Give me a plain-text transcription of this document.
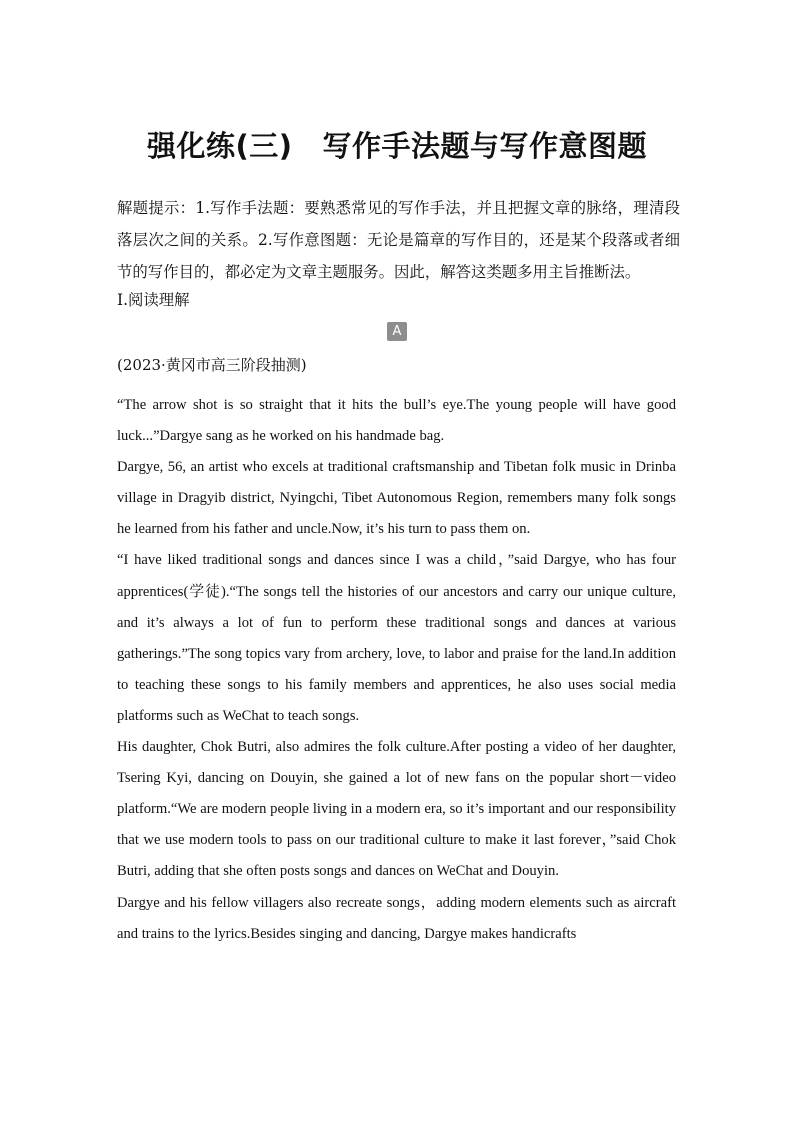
强化练(三) 写作手法题与写作意图题

解题提示：1.写作手法题：要熟悉常见的写作手法，并且把握文章的脉络，理清段落层次之间的关系。2.写作意图题：无论是篇章的写作目的，还是某个段落或者细节的写作目的，都必定为文章主题服务。因此，解答这类题多用主旨推断法。

Ⅰ.阅读理解

A

(2023·黄冈市高三阶段抽测)

“The arrow shot is so straight that it hits the bull’s eye.The young people will have good luck...”Dargye sang as he worked on his handmade bag.

Dargye, 56, an artist who excels at traditional craftsmanship and Tibetan folk music in Drinba village in Dragyib district, Nyingchi, Tibet Autonomous Region, remembers many folk songs he learned from his father and uncle.Now, it’s his turn to pass them on.

“I have liked traditional songs and dances since I was a child，”said Dargye, who has four apprentices(学徒).“The songs tell the histories of our ancestors and carry our unique culture, and it’s always a lot of fun to perform these traditional songs and dances at various gatherings.”The song topics vary from archery, love, to labor and praise for the land.In addition to teaching these songs to his family members and apprentices, he also uses social media platforms such as WeChat to teach songs.

His daughter, Chok Butri, also admires the folk culture.After posting a video of her daughter, Tsering Kyi, dancing on Douyin, she gained a lot of new fans on the popular short－video platform.“We are modern people living in a modern era, so it’s important and our responsibility that we use modern tools to pass on our traditional culture to make it last forever，”said Chok Butri, adding that she often posts songs and dances on WeChat and Douyin.

Dargye and his fellow villagers also recreate songs，adding modern elements such as aircraft and trains to the lyrics.Besides singing and dancing, Dargye makes handicrafts
